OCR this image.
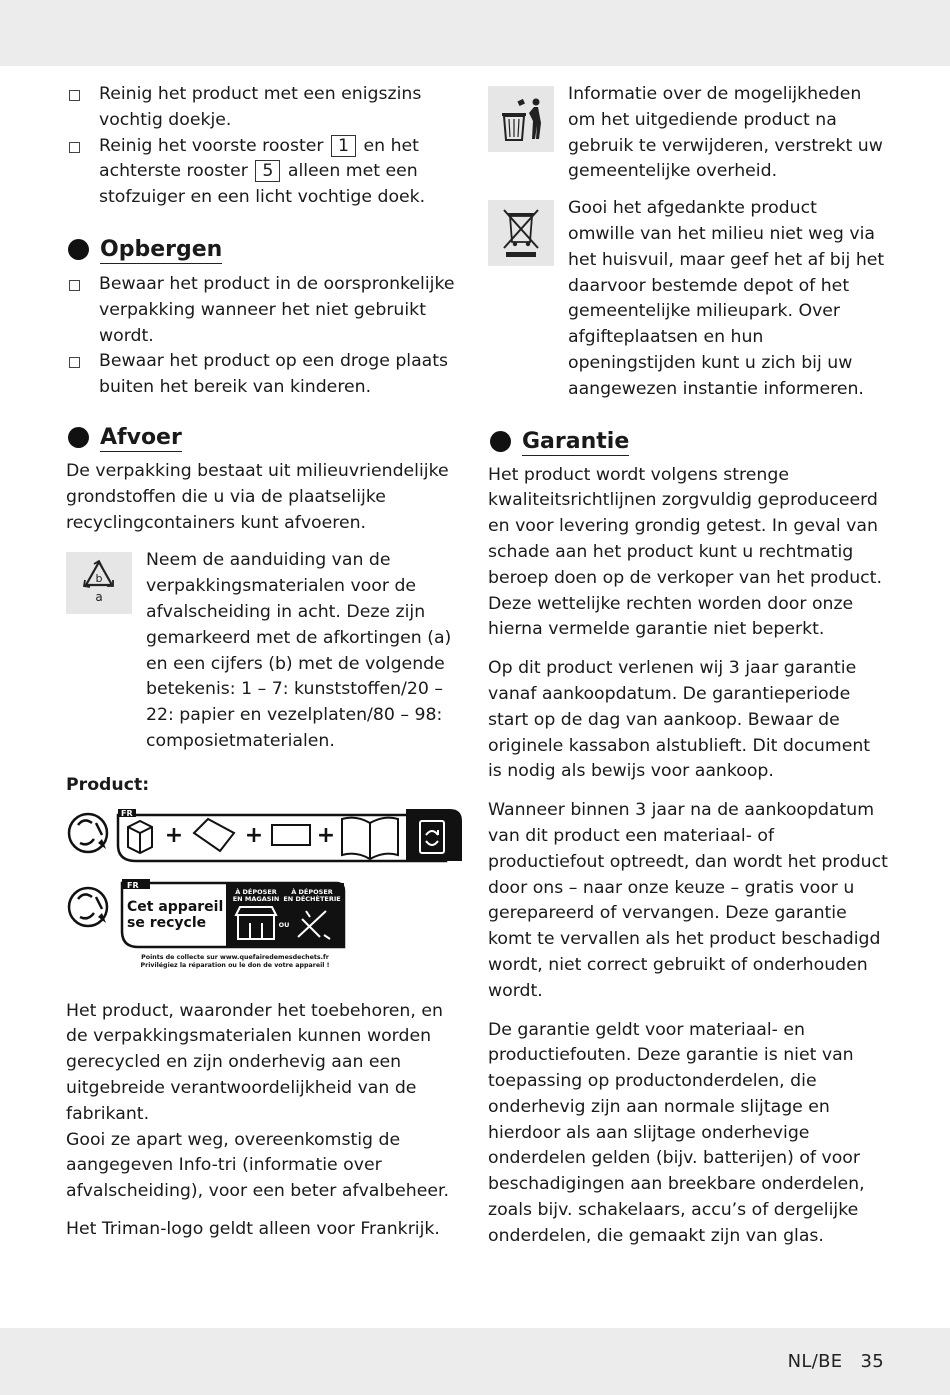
Reinig het product met een enigszins vochtig doekje.
Reinig het voorste rooster 1 en het achterste rooster 5 alleen met een stofzuiger en een licht vochtige doek.
Opbergen
Bewaar het product in de oorspronkelijke verpakking wanneer het niet gebruikt wordt.
Bewaar het product op een droge plaats buiten het bereik van kinderen.
Afvoer

De verpakking bestaat uit milieuvriendelijke grondstoffen die u via de plaatselijke recyclingcontainers kunt afvoeren.

b
a

Neem de aanduiding van de verpakkingsmaterialen voor de afvalscheiding in acht. Deze zijn gemarkeerd met de afkortingen (a) en een cijfers (b) met de volgende betekenis: 1 – 7: kunststoffen/20 – 22: papier en vezelplaten/80 – 98: composietmaterialen.

Product:

FR
+	+ +
FR
Cet appareil
se recycle
À DÉPOSER
EN MAGASIN
À DÉPOSER
EN DÉCHÈTERIE
OU
Points de collecte sur www.quefairedemesdechets.fr
Privilégiez la réparation ou le don de votre appareil !

Het product, waaronder het toebehoren, en de verpakkingsmaterialen kunnen worden gerecycled en zijn onderhevig aan een uitgebreide verantwoordelijkheid van de fabrikant.

Gooi ze apart weg, overeenkomstig de aangegeven Info-tri (informatie over afvalscheiding), voor een beter afvalbeheer.

Het Triman-logo geldt alleen voor Frankrijk.

Informatie over de mogelijkheden om het uitgediende product na gebruik te verwijderen, verstrekt uw gemeentelijke overheid.

Gooi het afgedankte product omwille van het milieu niet weg via het huisvuil, maar geef het af bij het daarvoor bestemde depot of het gemeentelijke milieupark. Over afgifteplaatsen en hun openingstijden kunt u zich bij uw aangewezen instantie informeren.

Garantie

Het product wordt volgens strenge kwaliteitsrichtlijnen zorgvuldig geproduceerd en voor levering grondig getest. In geval van schade aan het product kunt u rechtmatig beroep doen op de verkoper van het product. Deze wettelijke rechten worden door onze hierna vermelde garantie niet beperkt.

Op dit product verlenen wij 3 jaar garantie vanaf aankoopdatum. De garantieperiode start op de dag van aankoop. Bewaar de originele kassabon alstublieft. Dit document is nodig als bewijs voor aankoop.

Wanneer binnen 3 jaar na de aankoopdatum van dit product een materiaal- of productiefout optreedt, dan wordt het product door ons – naar onze keuze – gratis voor u gerepareerd of vervangen. Deze garantie komt te vervallen als het product beschadigd wordt, niet correct gebruikt of onderhouden wordt.

De garantie geldt voor materiaal- en productiefouten. Deze garantie is niet van toepassing op productonderdelen, die onderhevig zijn aan normale slijtage en hierdoor als aan slijtage onderhevige onderdelen gelden (bijv. batterijen) of voor beschadigingen aan breekbare onderdelen, zoals bijv. schakelaars, accu’s of dergelijke onderdelen, die gemaakt zijn van glas.

NL/BE   35
